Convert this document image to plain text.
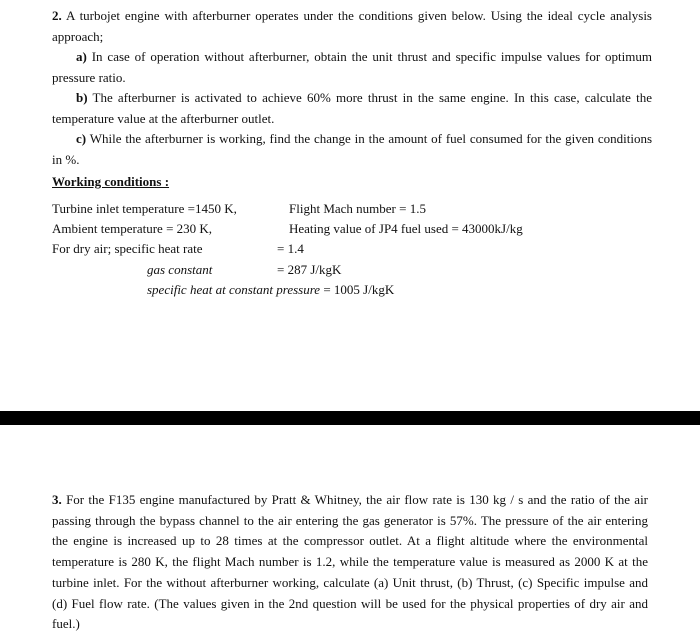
2. A turbojet engine with afterburner operates under the conditions given below. Using the ideal cycle analysis approach;

a) In case of operation without afterburner, obtain the unit thrust and specific impulse values for optimum pressure ratio.

b) The afterburner is activated to achieve 60% more thrust in the same engine. In this case, calculate the temperature value at the afterburner outlet.

c) While the afterburner is working, find the change in the amount of fuel consumed for the given conditions in %.

Working conditions :
Turbine inlet temperature =1450 K,	Flight Mach number = 1.5
Ambient temperature = 230 K,	Heating value of JP4 fuel used = 43000kJ/kg
For dry air; specific heat rate	= 1.4
gas constant	= 287 J/kgK
specific heat at constant pressure = 1005 J/kgK

3. For the F135 engine manufactured by Pratt & Whitney, the air flow rate is 130 kg / s and the ratio of the air passing through the bypass channel to the air entering the gas generator is 57%. The pressure of the air entering the engine is increased up to 28 times at the compressor outlet. At a flight altitude where the environmental temperature is 280 K, the flight Mach number is 1.2, while the temperature value is measured as 2000 K at the turbine inlet. For the without afterburner working, calculate (a) Unit thrust, (b) Thrust, (c) Specific impulse and (d) Fuel flow rate. (The values given in the 2nd question will be used for the physical properties of dry air and fuel.)
